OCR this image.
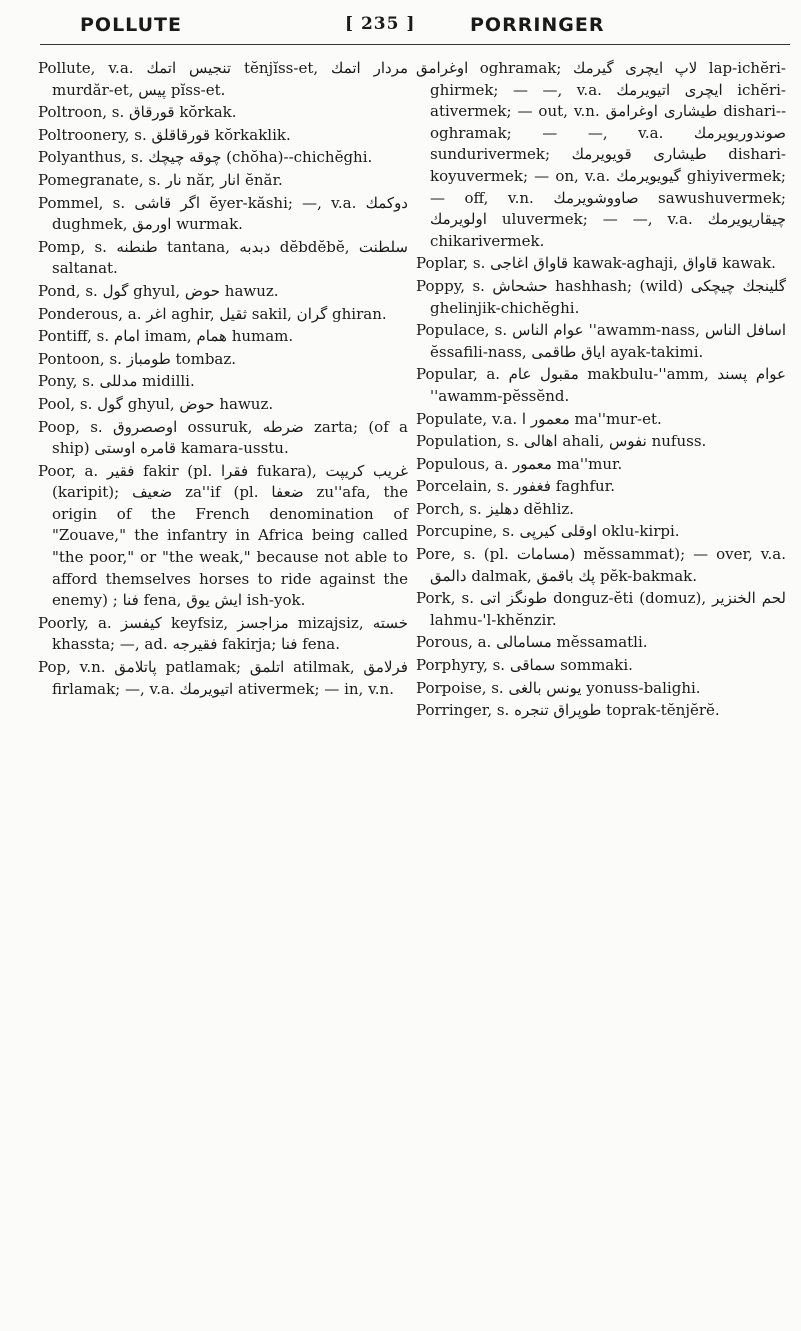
POLLUTE	[ 235 ]	PORRINGER
Pollute, v.a. تنجيس اتمك tĕnjĭss-et, مردار اتمك murdăr-et, پيس pĭss-et.
Poltroon, s. قورقاق kŏrkak.
Poltroonery, s. قورقاقلق kŏrkaklik.
Polyanthus, s. چوقه چيچك (chŏha)--chichĕghi.
Pomegranate, s. نار năr, انار ĕnăr.
Pommel, s. اگر قاشى ĕyer-kăshi; —, v.a. دوكمك dughmek, اورمق wurmak.
Pomp, s. طنطنه tantana, دبدبه dĕbdĕbĕ, سلطنت saltanat.
Pond, s. گول ghyul, حوض hawuz.
Ponderous, a. اغر aghir, ثقيل sakil, گران ghiran.
Pontiff, s. امام imam, همام humam.
Pontoon, s. طومباز tombaz.
Pony, s. مدللى midilli.
Pool, s. گول ghyul, حوض hawuz.
Poop, s. اوصصروق ossuruk, ضرطه zarta; (of a ship) قامرە اوستى kamara-usstu.
Poor, a. فقير fakir (pl. فقرا fukara), غريب كريپت (karipit); ضعيف za''if (pl. ضعفا zu''afa, the origin of the French denomination of "Zouave," the infantry in Africa being called "the poor," or "the weak," because not able to afford themselves horses to ride against the enemy) ; فنا fena, ايش يوق ish-yok.
Poorly, a. كيفسز keyfsiz, مزاجسز mizajsiz, خسته khassta; —, ad. فقيرجه fakirja; فنا fena.
Pop, v.n. پاتلامق patlamak; اتلمق atilmak, فرلامق firlamak; —, v.a. اتيويرمك ativermek; — in, v.n.
اوغرامق oghramak; لاپ ايچرى گيرمك lap-ichĕri-ghirmek; — —, v.a. ايچرى اتيويرمك ichĕri-ativermek; — out, v.n. طيشارى اوغرامق dishari--oghramak; — —, v.a. صوندوريويرمك sundurivermek; طيشارى قويويرمك dishari-koyuvermek; — on, v.a. گيويويرمك ghiyivermek; — off, v.n. صاووشويرمك sawushuvermek; اولويرمك uluvermek; — —, v.a. چيقاريويرمك chikarivermek.
Poplar, s. قاواق اغاجى kawak-aghaji, قاواق kawak.
Poppy, s. حشحاش hashhash; (wild) گلينجك چيچكى ghelinjik-chichĕghi.
Populace, s. عوام الناس ''awamm-nass, اسافل الناس ĕssafili-nass, اياق طاقمى ayak-takimi.
Popular, a. مقبول عام makbulu-''amm, عوام پسند ''awamm-pĕssĕnd.
Populate, v.a. معمور ا ma''mur-et.
Population, s. اهالى ahali, نفوس nufuss.
Populous, a. معمور ma''mur.
Porcelain, s. فغفور faghfur.
Porch, s. دهليز dĕhliz.
Porcupine, s. اوقلى كيرپى oklu-kirpi.
Pore, s. (pl. مسامات) mĕssammat); — over, v.a. دالمق dalmak, پك باقمق pĕk-bakmak.
Pork, s. طونگز اتى donguz-ĕti (domuz), لحم الخنزير lahmu-'l-khĕnzir.
Porous, a. مسامالى mĕssamatli.
Porphyry, s. سماقى sommaki.
Porpoise, s. يونس بالغى yonuss-balighi.
Porringer, s. طوپراق تنجره toprak-tĕnjĕrĕ.
